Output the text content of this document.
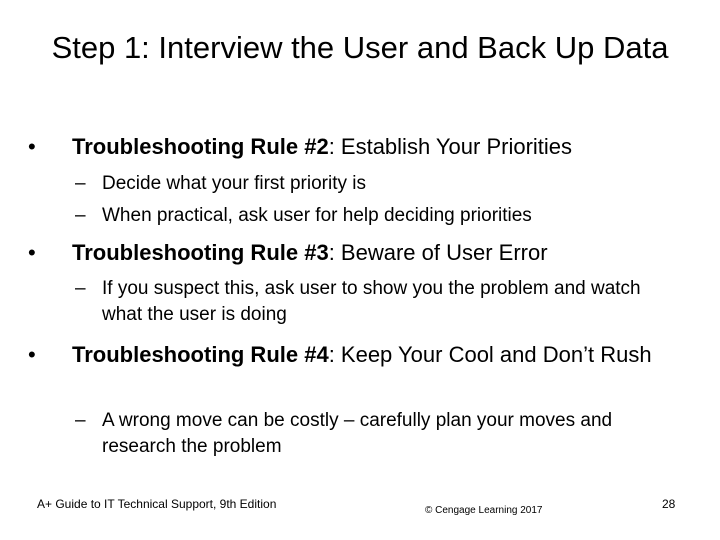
Step 1: Interview the User and Back Up Data
• Troubleshooting Rule #2: Establish Your Priorities
– Decide what your first priority is
– When practical, ask user for help deciding priorities
• Troubleshooting Rule #3: Beware of User Error
– If you suspect this, ask user to show you the problem and watch what the user is doing
• Troubleshooting Rule #4: Keep Your Cool and Don’t Rush
– A wrong move can be costly – carefully plan your moves and research the problem
A+ Guide to IT Technical Support, 9th Edition	© Cengage Learning 2017	28
